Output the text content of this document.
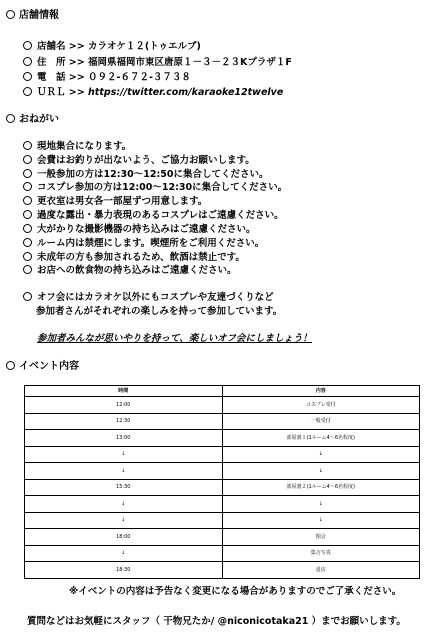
店舗情報
店舗名 >> カラオケ１２(トゥエルブ)
住　所 >> 福岡県福岡市東区唐原１－３－２３Kプラザ１F
電　話 >> ０９２-６７２-３７３８
ＵＲＬ >> https://twitter.com/karaoke12twelve
おねがい
現地集合になります。
会費はお釣りが出ないよう、ご協力お願いします。
一般参加の方は12:30～12:50に集合してください。
コスプレ参加の方は12:00～12:30に集合してください。
更衣室は男女各一部屋ずつ用意します。
過度な露出・暴力表現のあるコスプレはご遠慮ください。
大がかりな撮影機器の持ち込みはご遠慮ください。
ルーム内は禁煙にします。喫煙所をご利用ください。
未成年の方も参加されるため、飲酒は禁止です。
お店への飲食物の持ち込みはご遠慮ください。
オフ会にはカラオケ以外にもコスプレや友達づくりなど
参加者さんがそれぞれの楽しみを持って参加しています。
参加者みんなが思いやりを持って、楽しいオフ会にしましょう！
イベント内容
時間	内容
12:00	コスプレ受付
12:30	一般受付
13:00	部屋割１(1ルーム4～6名程度)
↓	↓
↓	↓
15:30	部屋割２(1ルーム4～6名程度)
↓	↓
↓	↓
18:00	閉会
↓	集合写真
18:30	退店
※イベントの内容は予告なく変更になる場合がありますのでご了承ください。
質問などはお気軽にスタッフ（ 干物兄たか/ @niconicotaka21 ）までお願いします。
